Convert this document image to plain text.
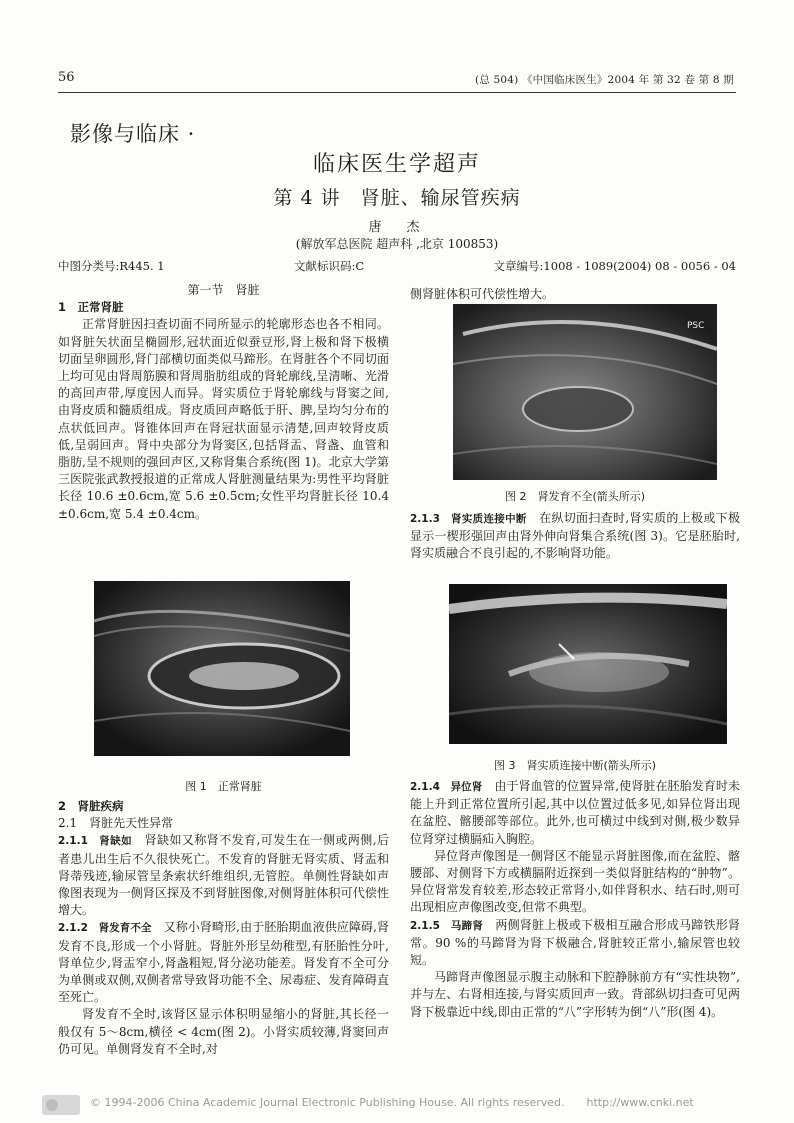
56	(总 504) 《中国临床医生》2004 年 第 32 卷 第 8 期
影像与临床 ·
临床医生学超声
第 4 讲　肾脏、输尿管疾病
唐　杰
(解放军总医院 超声科 ,北京 100853)
中图分类号:R445. 1	文献标识码:C	文章编号:1008 - 1089(2004) 08 - 0056 - 04
第一节　肾脏
1　正常肾脏

正常肾脏因扫查切面不同所显示的轮廓形态也各不相同。如肾脏矢状面呈椭圆形,冠状面近似蚕豆形,肾上极和肾下极横切面呈卵圆形,肾门部横切面类似马蹄形。在肾脏各个不同切面上均可见由肾周筋膜和肾周脂肪组成的肾轮廓线,呈清晰、光滑的高回声带,厚度因人而异。肾实质位于肾轮廓线与肾窦之间,由肾皮质和髓质组成。肾皮质回声略低于肝、脾,呈均匀分布的点状低回声。肾锥体回声在肾冠状面显示清楚,回声较肾皮质低,呈弱回声。肾中央部分为肾窦区,包括肾盂、肾盏、血管和脂肪,呈不规则的强回声区,又称肾集合系统(图 1)。北京大学第三医院张武教授报道的正常成人肾脏测量结果为:男性平均肾脏长径 10.6 ±0.6cm,宽 5.6 ±0.5cm;女性平均肾脏长径 10.4 ±0.6cm,宽 5.4 ±0.4cm。

图 1　正常肾脏
2　肾脏疾病
2.1　肾脏先天性异常

2.1.1　肾缺如　 肾缺如又称肾不发育,可发生在一侧或两侧,后者患儿出生后不久很快死亡。不发育的肾脏无肾实质、肾盂和肾蒂残迹,输尿管呈条索状纤维组织,无管腔。单侧性肾缺如声像图表现为一侧肾区探及不到肾脏图像,对侧肾脏体积可代偿性增大。

2.1.2　肾发育不全　 又称小肾畸形,由于胚胎期血液供应障碍,肾发育不良,形成一个小肾脏。肾脏外形呈幼稚型,有胚胎性分叶,肾单位少,肾盂窄小,肾盏粗短,肾分泌功能差。肾发育不全可分为单侧或双侧,双侧者常导致肾功能不全、尿毒症、发育障碍直至死亡。

肾发育不全时,该肾区显示体积明显缩小的肾脏,其长径一般仅有 5～8cm,横径 < 4cm(图 2)。小肾实质较薄,肾窦回声仍可见。单侧肾发育不全时,对

侧肾脏体积可代偿性增大。

PSC
图 2　肾发育不全(箭头所示)

2.1.3　肾实质连接中断　 在纵切面扫查时,肾实质的上极或下极显示一楔形强回声由肾外伸向肾集合系统(图 3)。它是胚胎时,肾实质融合不良引起的,不影响肾功能。

图 3　肾实质连接中断(箭头所示)

2.1.4　异位肾　 由于肾血管的位置异常,使肾脏在胚胎发育时未能上升到正常位置所引起,其中以位置过低多见,如异位肾出现在盆腔、髂腰部等部位。此外,也可横过中线到对侧,极少数异位肾穿过横膈疝入胸腔。

异位肾声像图是一侧肾区不能显示肾脏图像,而在盆腔、髂腰部、对侧肾下方或横膈附近探到一类似肾脏结构的“肿物”。异位肾常发育较差,形态较正常肾小,如伴肾积水、结石时,则可出现相应声像图改变,但常不典型。

2.1.5　马蹄肾　 两侧肾脏上极或下极相互融合形成马蹄铁形肾常。90 %的马蹄肾为肾下极融合,肾脏较正常小,输尿管也较短。

马蹄肾声像图显示腹主动脉和下腔静脉前方有“实性块物”,并与左、右肾相连接,与肾实质回声一致。背部纵切扫查可见两肾下极靠近中线,即由正常的“八”字形转为倒“八”形(图 4)。

© 1994-2006 China Academic Journal Electronic Publishing House. All rights reserved.　　http://www.cnki.net
